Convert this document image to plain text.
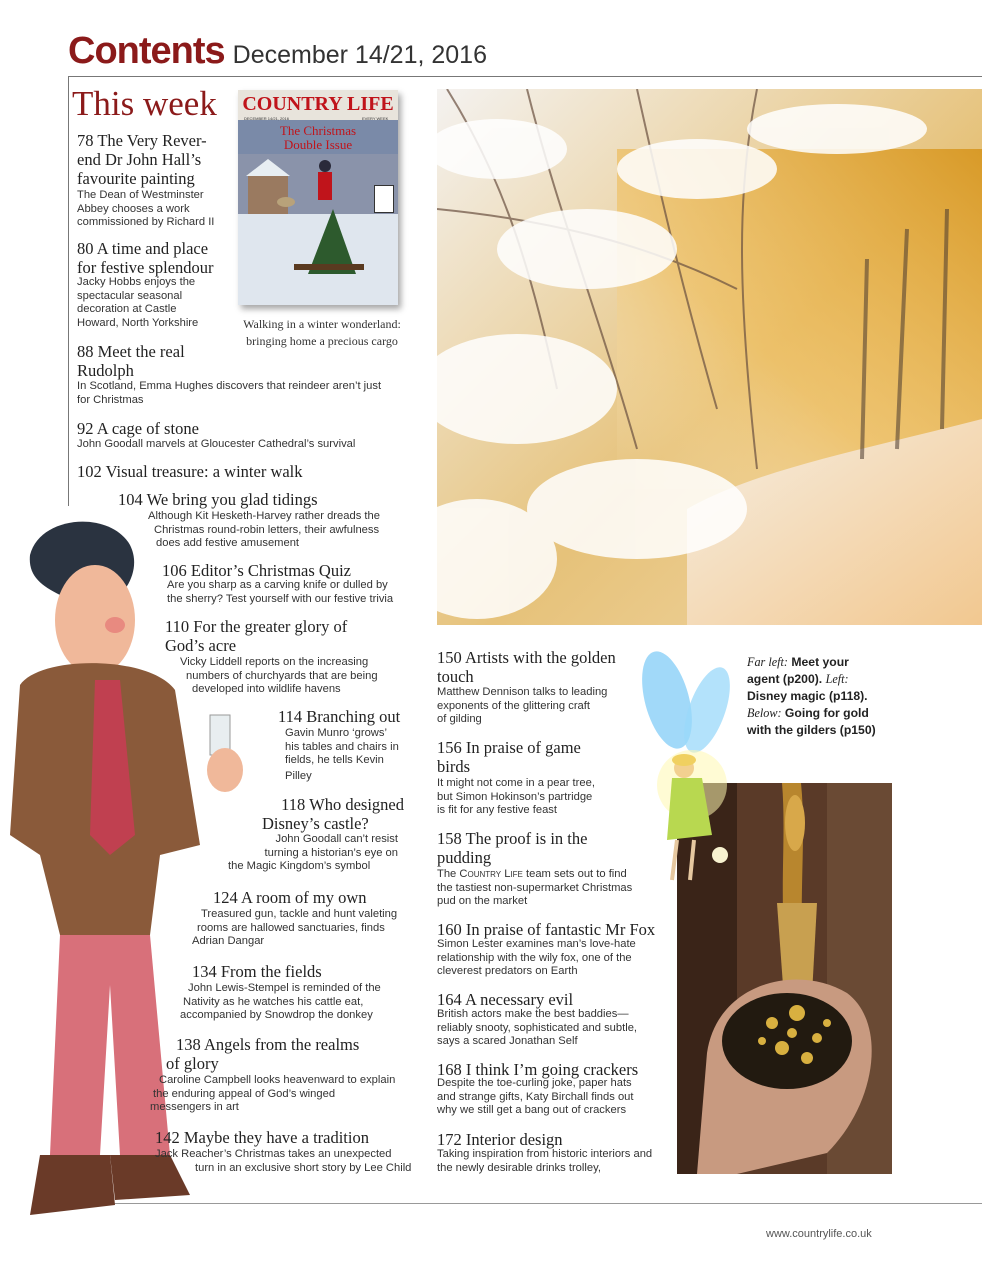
Contents December 14/21, 2016
This week COUNTRY LIFE
DECEMBER 14/21, 2016	EVERY WEEK
The Christmas
Double Issue
Walking in a winter wonderland:
bringing home a precious cargo
78 The Very Rever-
end Dr John Hall’s
favourite painting
The Dean of Westminster
Abbey chooses a work
commissioned by Richard II
80 A time and place
for festive splendour
Jacky Hobbs enjoys the
spectacular seasonal
decoration at Castle
Howard, North Yorkshire
88 Meet the real
Rudolph
In Scotland, Emma Hughes discovers that reindeer aren’t just
for Christmas
92 A cage of stone
John Goodall marvels at Gloucester Cathedral’s survival
102 Visual treasure: a winter walk
104 We bring you glad tidings
Although Kit Hesketh-Harvey rather dreads the
Christmas round-robin letters, their awfulness
does add festive amusement
106 Editor’s Christmas Quiz
Are you sharp as a carving knife or dulled by
the sherry? Test yourself with our festive trivia
110 For the greater glory of
God’s acre
Vicky Liddell reports on the increasing
numbers of churchyards that are being
developed into wildlife havens
114 Branching out
Gavin Munro ‘grows’
his tables and chairs in
fields, he tells Kevin
Pilley
118 Who designed
Disney’s castle?
John Goodall can’t resist
turning a historian’s eye on
the Magic Kingdom’s symbol
124 A room of my own
Treasured gun, tackle and hunt valeting
rooms are hallowed sanctuaries, finds
Adrian Dangar
134 From the fields
John Lewis-Stempel is reminded of the
Nativity as he watches his cattle eat,
accompanied by Snowdrop the donkey
138 Angels from the realms
of glory
Caroline Campbell looks heavenward to explain
the enduring appeal of God’s winged
messengers in art
142 Maybe they have a tradition
Jack Reacher’s Christmas takes an unexpected
turn in an exclusive short story by Lee Child
150 Artists with the golden
touch
Matthew Dennison talks to leading
exponents of the glittering craft
of gilding
156 In praise of game
birds
It might not come in a pear tree,
but Simon Hokinson’s partridge
is fit for any festive feast
158 The proof is in the
pudding
The Country Life team sets out to find
the tastiest non-supermarket Christmas
pud on the market
160 In praise of fantastic Mr Fox
Simon Lester examines man’s love-hate
relationship with the wily fox, one of the
cleverest predators on Earth
164 A necessary evil
British actors make the best baddies—
reliably snooty, sophisticated and subtle,
says a scared Jonathan Self
168 I think I’m going crackers
Despite the toe-curling joke, paper hats
and strange gifts, Katy Birchall finds out
why we still get a bang out of crackers
172 Interior design
Taking inspiration from historic interiors and
the newly desirable drinks trolley,
Far left: Meet your
agent (p200). Left:
Disney magic (p118).
Below: Going for gold
with the gilders (p150)
www.countrylife.co.uk
